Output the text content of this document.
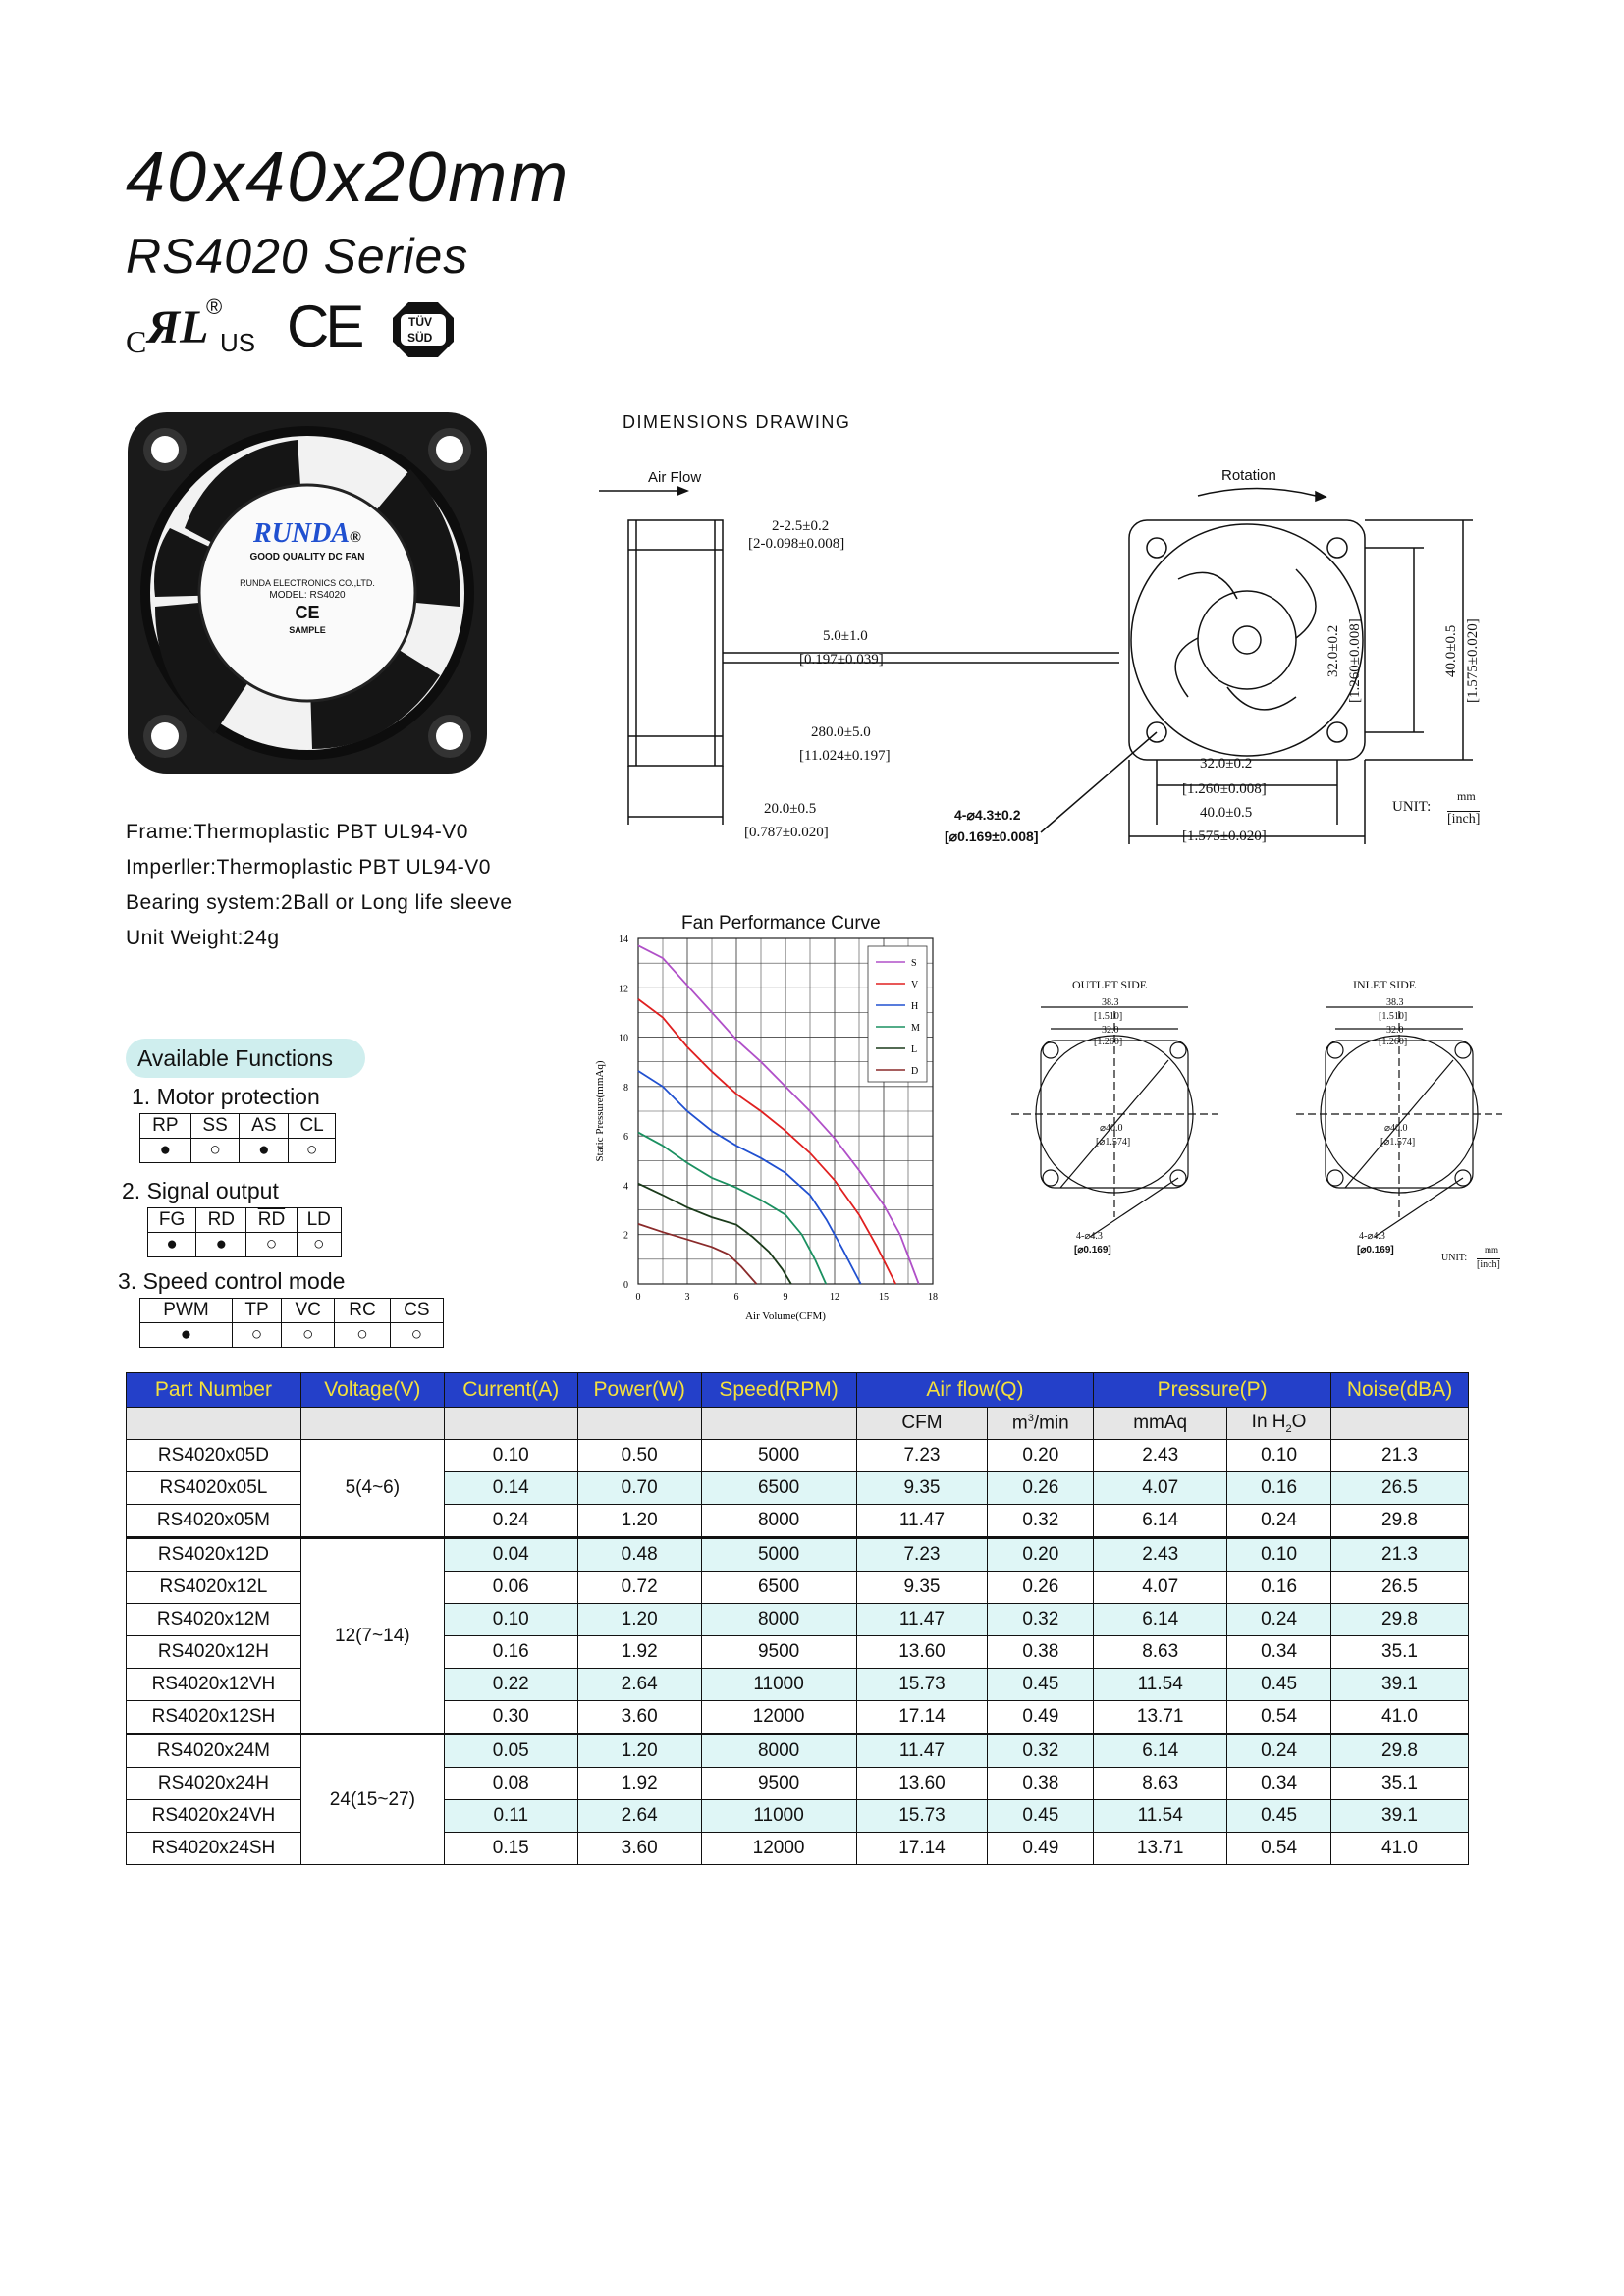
40x40x20mm
RS4020 Series
C ЯL
®
US CE	TÜV
SÜD
RUNDA®
GOOD QUALITY DC FAN
RUNDA ELECTRONICS CO.,LTD.
MODEL: RS4020
CE
SAMPLE
Frame:Thermoplastic PBT UL94-V0
Imperller:Thermoplastic PBT UL94-V0
Bearing system:2Ball or Long life sleeve
Unit Weight:24g
Available Functions
1. Motor protection
RP	SS	AS	CL
●	○	●	○
2. Signal output
FG	RD	$\overline{RD}$	LD
●	●	○	○
3. Speed control mode
PWM	TP	VC	RC	CS
●	○	○	○	○
DIMENSIONS DRAWING
Air Flow	Rotation
2-2.5±0.2
[2-0.098±0.008]
5.0±1.0
[0.197±0.039]
280.0±5.0
[11.024±0.197]
20.0±0.5
[0.787±0.020]
4-⌀4.3±0.2
[⌀0.169±0.008]
32.0±0.2
[1.260±0.008]
40.0±0.5
[1.575±0.020]
32.0±0.2 [1.260±0.008]	40.0±0.5 [1.575±0.020]
UNIT:
mm
[inch]
Fan Performance Curve
0	3	6	9	12	15	18
0
2
4
6
8
10
12
14
Air Volume(CFM)
Static Pressure(mmAq)
S
V
H
M
L
D
OUTLET SIDE	INLET SIDE
38.3
[1.510]
32.0
[1.260]
⌀40.0
[⌀1.574]
4-⌀4.3
[⌀0.169]
38.3
[1.510]
32.0
[1.260]
⌀40.0
[⌀1.574]
4-⌀4.3
[⌀0.169]
UNIT:
mm
[inch]
Part Number	Voltage(V)	Current(A)	Power(W)	Speed(RPM)	Air flow(Q)		Pressure(P)		Noise(dBA)
					CFM	$m^3/\min$	mmAq	In $H_2O$	
RS4020x05D	5(4~6)	0.10	0.50	5000	7.23	0.20	2.43	0.10	21.3
RS4020x05L		0.14	0.70	6500	9.35	0.26	4.07	0.16	26.5
RS4020x05M		0.24	1.20	8000	11.47	0.32	6.14	0.24	29.8
RS4020x12D	12(7~14)	0.04	0.48	5000	7.23	0.20	2.43	0.10	21.3
RS4020x12L		0.06	0.72	6500	9.35	0.26	4.07	0.16	26.5
RS4020x12M		0.10	1.20	8000	11.47	0.32	6.14	0.24	29.8
RS4020x12H		0.16	1.92	9500	13.60	0.38	8.63	0.34	35.1
RS4020x12VH		0.22	2.64	11000	15.73	0.45	11.54	0.45	39.1
RS4020x12SH		0.30	3.60	12000	17.14	0.49	13.71	0.54	41.0
RS4020x24M	24(15~27)	0.05	1.20	8000	11.47	0.32	6.14	0.24	29.8
RS4020x24H		0.08	1.92	9500	13.60	0.38	8.63	0.34	35.1
RS4020x24VH		0.11	2.64	11000	15.73	0.45	11.54	0.45	39.1
RS4020x24SH		0.15	3.60	12000	17.14	0.49	13.71	0.54	41.0
